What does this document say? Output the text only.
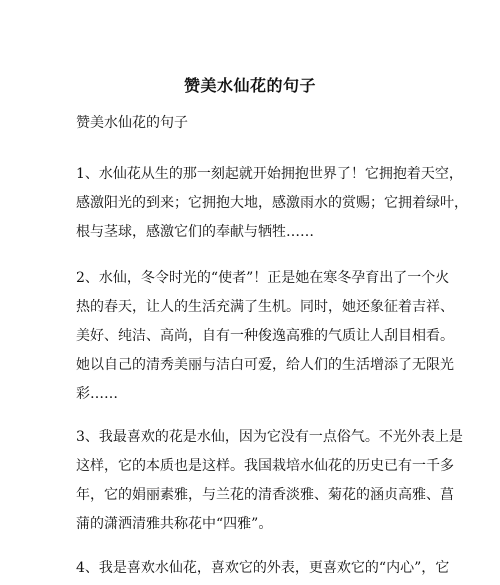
赞美水仙花的句子
赞美水仙花的句子
1、水仙花从生的那一刻起就开始拥抱世界了！它拥抱着天空，
感激阳光的到来；它拥抱大地，感激雨水的赏赐；它拥着绿叶，
根与茎球，感激它们的奉献与牺牲……
2、水仙，冬令时光的“使者”！正是她在寒冬孕育出了一个火
热的春天，让人的生活充满了生机。同时，她还象征着吉祥、
美好、纯洁、高尚，自有一种俊逸高雅的气质让人刮目相看。
她以自己的清秀美丽与洁白可爱，给人们的生活增添了无限光
彩……
3、我最喜欢的花是水仙，因为它没有一点俗气。不光外表上是
这样，它的本质也是这样。我国栽培水仙花的历史已有一千多
年，它的娟丽素雅，与兰花的清香淡雅、菊花的涵贞高雅、菖
蒲的潇洒清雅共称花中“四雅”。
4、我是喜欢水仙花，喜欢它的外表，更喜欢它的“内心”，它
